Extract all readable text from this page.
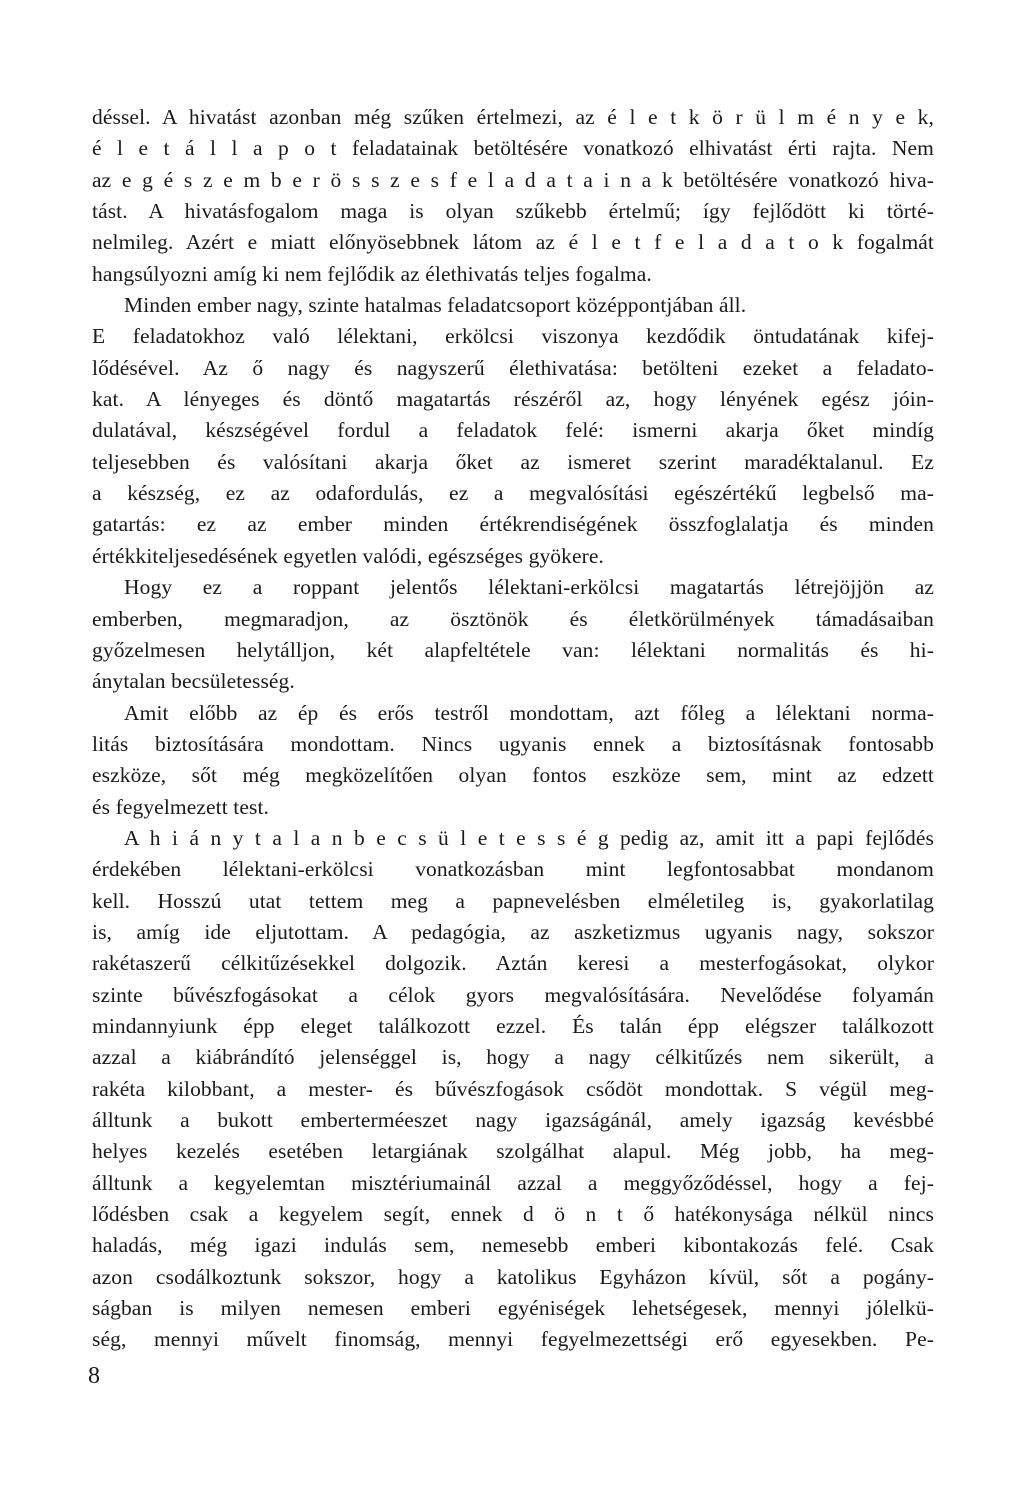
déssel. A hivatást azonban még szűken értelmezi, az é l e t k ö r ü l m é n y e k,
é l e t á l l a p o t feladatainak betöltésére vonatkozó elhivatást érti rajta. Nem
az e g é s z e m b e r ö s s z e s f e l a d a t a i n a k betöltésére vonatkozó hiva-
tást. A hivatásfogalom maga is olyan szűkebb értelmű; így fejlődött ki törté-
nelmileg. Azért e miatt előnyösebbnek látom az é l e t f e l a d a t o k fogalmát
hangsúlyozni amíg ki nem fejlődik az élethivatás teljes fogalma.
Minden ember nagy, szinte hatalmas feladatcsoport középpontjában áll.
E feladatokhoz való lélektani, erkölcsi viszonya kezdődik öntudatának kifej-
lődésével. Az ő nagy és nagyszerű élethivatása: betölteni ezeket a feladato-
kat. A lényeges és döntő magatartás részéről az, hogy lényének egész jóin-
dulatával, készségével fordul a feladatok felé: ismerni akarja őket mindíg
teljesebben és valósítani akarja őket az ismeret szerint maradéktalanul. Ez
a készség, ez az odafordulás, ez a megvalósítási egészértékű legbelső ma-
gatartás: ez az ember minden értékrendiségének összfoglalatja és minden
értékkiteljesedésének egyetlen valódi, egészséges gyökere.
Hogy ez a roppant jelentős lélektani-erkölcsi magatartás létrejöjjön az
emberben, megmaradjon, az ösztönök és életkörülmények támadásaiban
győzelmesen helytálljon, két alapfeltétele van: lélektani normalitás és hi-
ánytalan becsületesség.
Amit előbb az ép és erős testről mondottam, azt főleg a lélektani norma-
litás biztosítására mondottam. Nincs ugyanis ennek a biztosításnak fontosabb
eszköze, sőt még megközelítően olyan fontos eszköze sem, mint az edzett
és fegyelmezett test.
A h i á n y t a l a n b e c s ü l e t e s s é g pedig az, amit itt a papi fejlődés
érdekében lélektani-erkölcsi vonatkozásban mint legfontosabbat mondanom
kell. Hosszú utat tettem meg a papnevelésben elméletileg is, gyakorlatilag
is, amíg ide eljutottam. A pedagógia, az aszketizmus ugyanis nagy, sokszor
rakétaszerű célkitűzésekkel dolgozik. Aztán keresi a mesterfogásokat, olykor
szinte bűvészfogásokat a célok gyors megvalósítására. Nevelődése folyamán
mindannyiunk épp eleget találkozott ezzel. És talán épp elégszer találkozott
azzal a kiábrándító jelenséggel is, hogy a nagy célkitűzés nem sikerült, a
rakéta kilobbant, a mester- és bűvészfogások csődöt mondottak. S végül meg-
álltunk a bukott emberterméeszet nagy igazságánál, amely igazság kevésbbé
helyes kezelés esetében letargiának szolgálhat alapul. Még jobb, ha meg-
álltunk a kegyelemtan misztériumainál azzal a meggyőződéssel, hogy a fej-
lődésben csak a kegyelem segít, ennek d ö n t ő hatékonysága nélkül nincs
haladás, még igazi indulás sem, nemesebb emberi kibontakozás felé. Csak
azon csodálkoztunk sokszor, hogy a katolikus Egyházon kívül, sőt a pogány-
ságban is milyen nemesen emberi egyéniségek lehetségesek, mennyi jólelkü-
ség, mennyi művelt finomság, mennyi fegyelmezettségi erő egyesekben. Pe-
8
